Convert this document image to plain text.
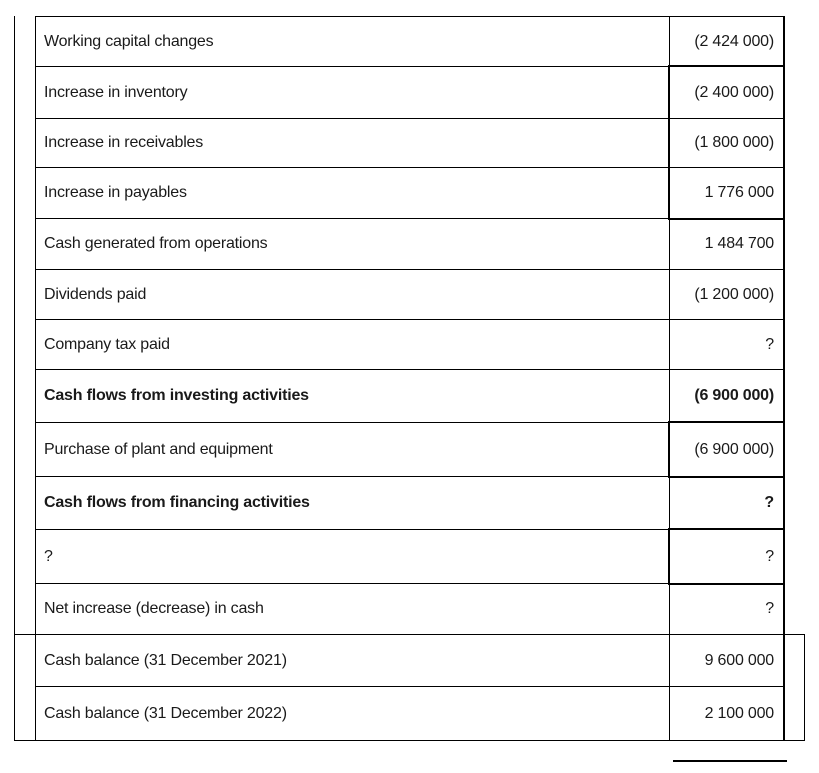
Working capital changes	(2 424 000)
Increase in inventory	(2 400 000)
Increase in receivables	(1 800 000)
Increase in payables	1 776 000
Cash generated from operations	1 484 700
Dividends paid	(1 200 000)
Company tax paid	?
Cash flows from investing activities	(6 900 000)
Purchase of plant and equipment	(6 900 000)
Cash flows from financing activities	?
?	?
Net increase (decrease) in cash	?
Cash balance (31 December 2021)	9 600 000
Cash balance (31 December 2022)	2 100 000
